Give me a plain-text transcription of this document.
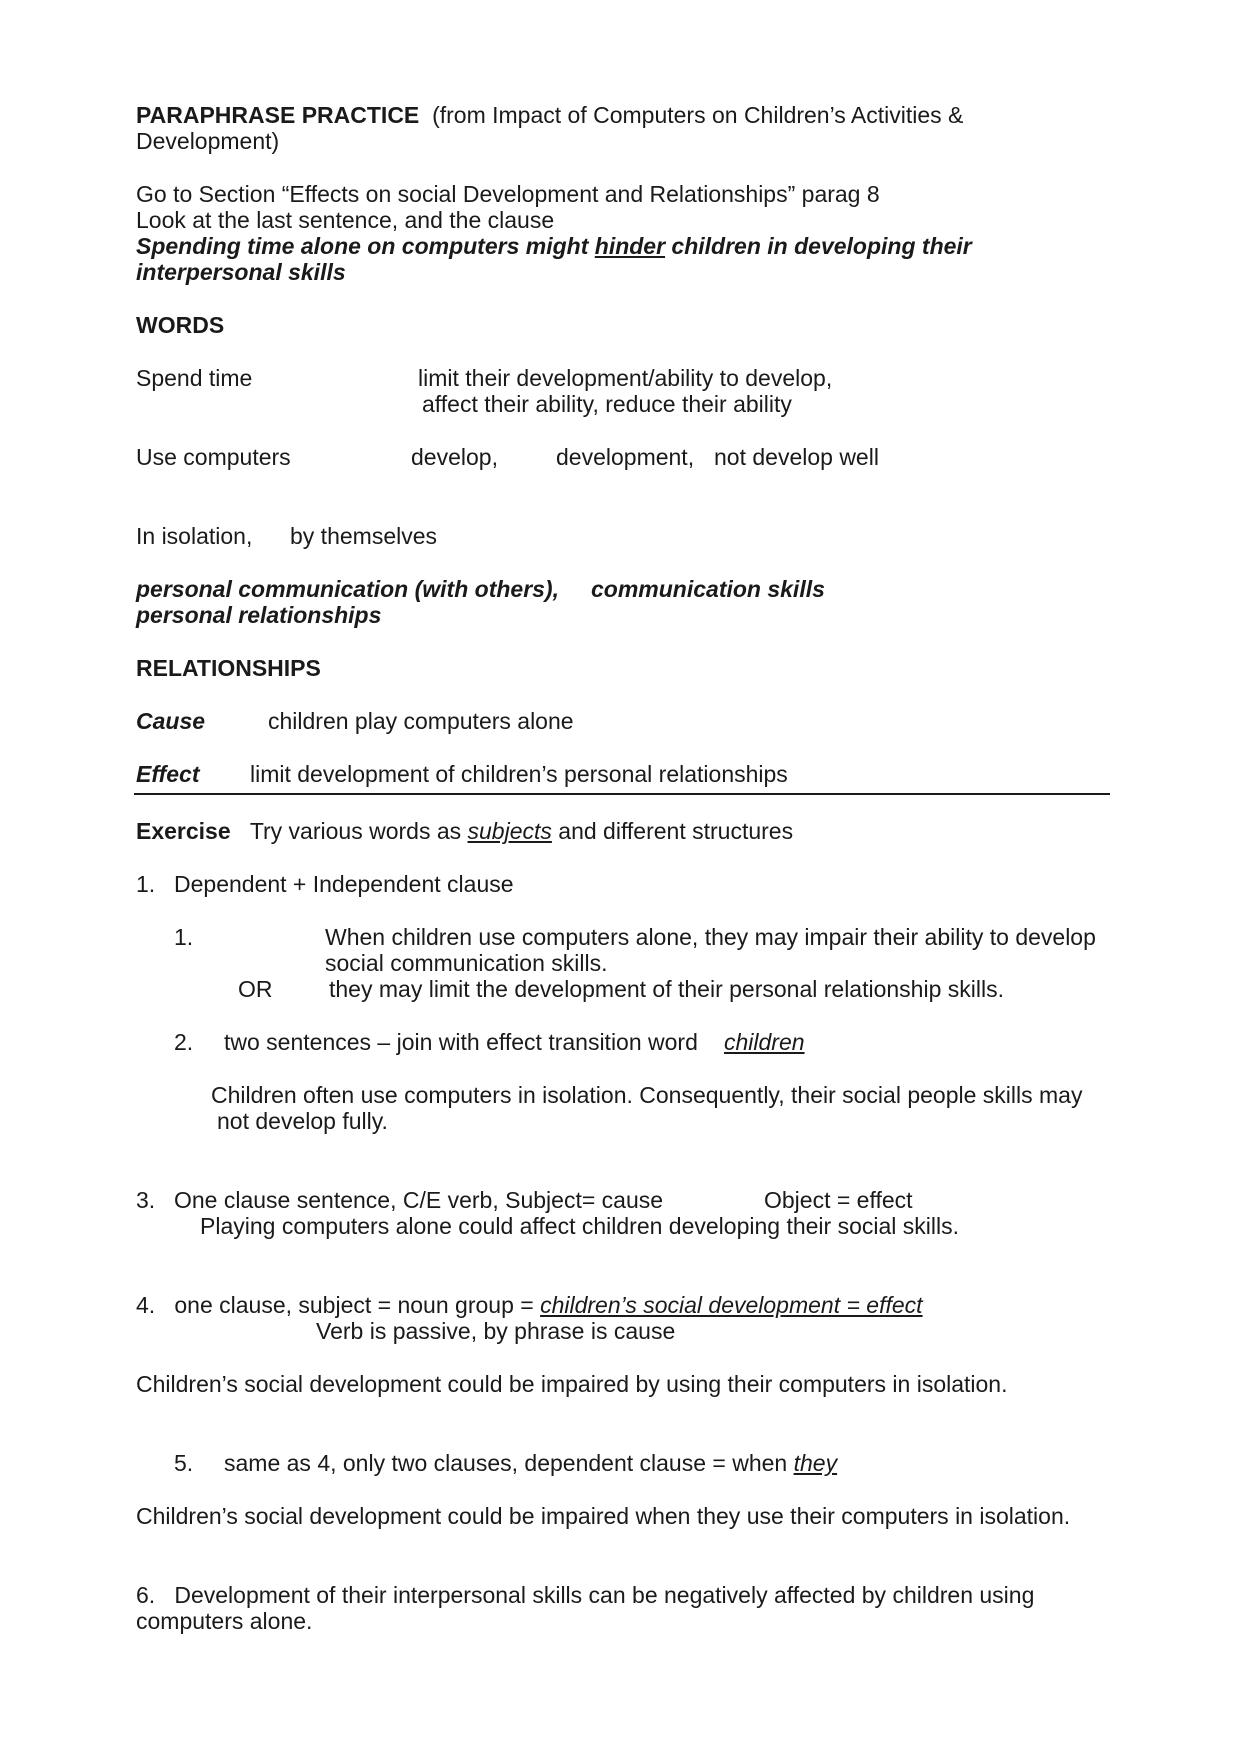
PARAPHRASE PRACTICE (from Impact of Computers on Children’s Activities &
Development)
Go to Section “Effects on social Development and Relationships” parag 8
Look at the last sentence, and the clause
Spending time alone on computers might hinder children in developing their
interpersonal skills
WORDS
Spend time	limit their development/ability to develop,
affect their ability, reduce their ability
Use computers	develop,	development, not develop well
In isolation, by themselves
personal communication (with others), communication skills
personal relationships
RELATIONSHIPS
Cause	children play computers alone
Effect limit development of children’s personal relationships
Exercise Try various words as subjects and different structures
1. Dependent + Independent clause
1.	When children use computers alone, they may impair their ability to develop
social communication skills.
OR they may limit the development of their personal relationship skills.
2. two sentences – join with effect transition word children
Children often use computers in isolation. Consequently, their social people skills may
not develop fully.
3. One clause sentence, C/E verb, Subject= cause	Object = effect
Playing computers alone could affect children developing their social skills.
4. one clause, subject = noun group = children’s social development = effect
Verb is passive, by phrase is cause
Children’s social development could be impaired by using their computers in isolation.
5. same as 4, only two clauses, dependent clause = when they
Children’s social development could be impaired when they use their computers in isolation.
6. Development of their interpersonal skills can be negatively affected by children using
computers alone.
